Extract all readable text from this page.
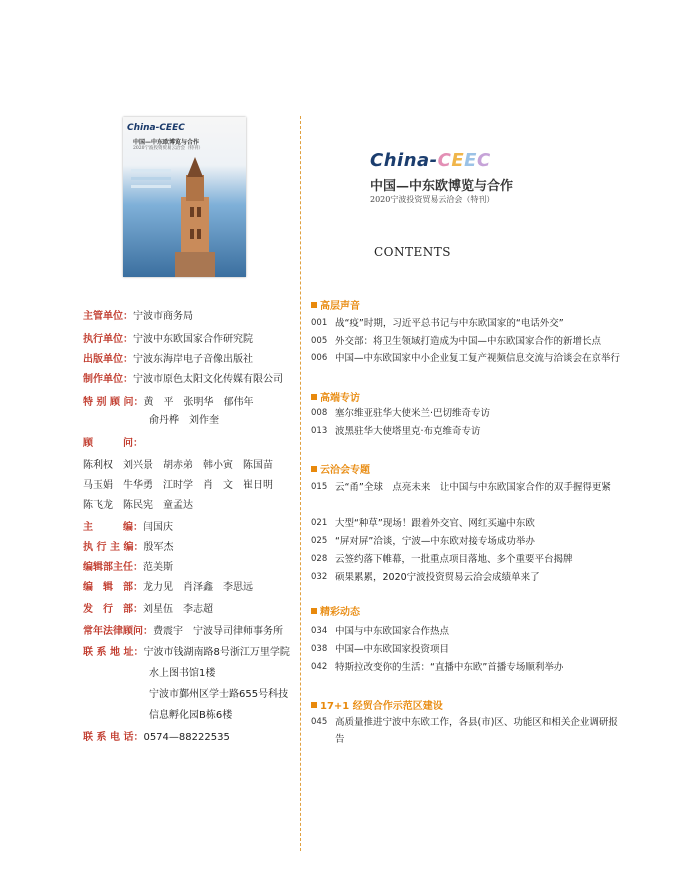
China-CEEC
中国—中东欧博览与合作
2020宁波投资贸易云洽会（特刊）
主管单位：宁波市商务局
执行单位：宁波中东欧国家合作研究院
出版单位：宁波东海岸电子音像出版社
制作单位：宁波市原色太阳文化传媒有限公司
特 别 顾 问：黄　平　张明华　郁伟年
俞丹桦　刘作奎
顾　　　问：
陈利权　刘兴景　胡赤弟　韩小寅　陈国苗
马玉娟　牛华勇　江时学　肖　文　崔日明
陈飞龙　陈民宪　童孟达
主　　　编：闫国庆
执 行 主 编：殷军杰
编辑部主任：范美斯
编　辑　部：龙力见　肖泽鑫　李思远
发　行　部：刘星伍　李志超
常年法律顾问：费震宇　宁波导司律师事务所
联 系 地 址：宁波市钱湖南路8号浙江万里学院
水上图书馆1楼
宁波市鄞州区学士路655号科技
信息孵化园B栋6楼
联 系 电 话：0574—88222535
China-CEEC
中国—中东欧博览与合作
2020宁波投资贸易云洽会（特刊）
CONTENTS
高层声音
001 战“疫”时期，习近平总书记与中东欧国家的“电话外交”
005 外交部：将卫生领域打造成为中国—中东欧国家合作的新增长点
006 中国—中东欧国家中小企业复工复产视频信息交流与洽谈会在京举行
高端专访
008 塞尔维亚驻华大使米兰·巴切维奇专访
013 波黑驻华大使塔里克·布克维奇专访
云洽会专题
015 云“甬”全球　点亮未来　让中国与中东欧国家合作的双手握得更紧
021 大型“种草”现场！跟着外交官、网红买遍中东欧
025 “屏对屏”洽谈，宁波—中东欧对接专场成功举办
028 云签约落下帷幕，一批重点项目落地、多个重要平台揭牌
032 硕果累累，2020宁波投资贸易云洽会成绩单来了
精彩动态
034 中国与中东欧国家合作热点
038 中国—中东欧国家投资项目
042 特斯拉改变你的生活：“直播中东欧”首播专场顺利举办
17+1 经贸合作示范区建设
045 高质量推进宁波中东欧工作，各县(市)区、功能区和相关企业调研报告
